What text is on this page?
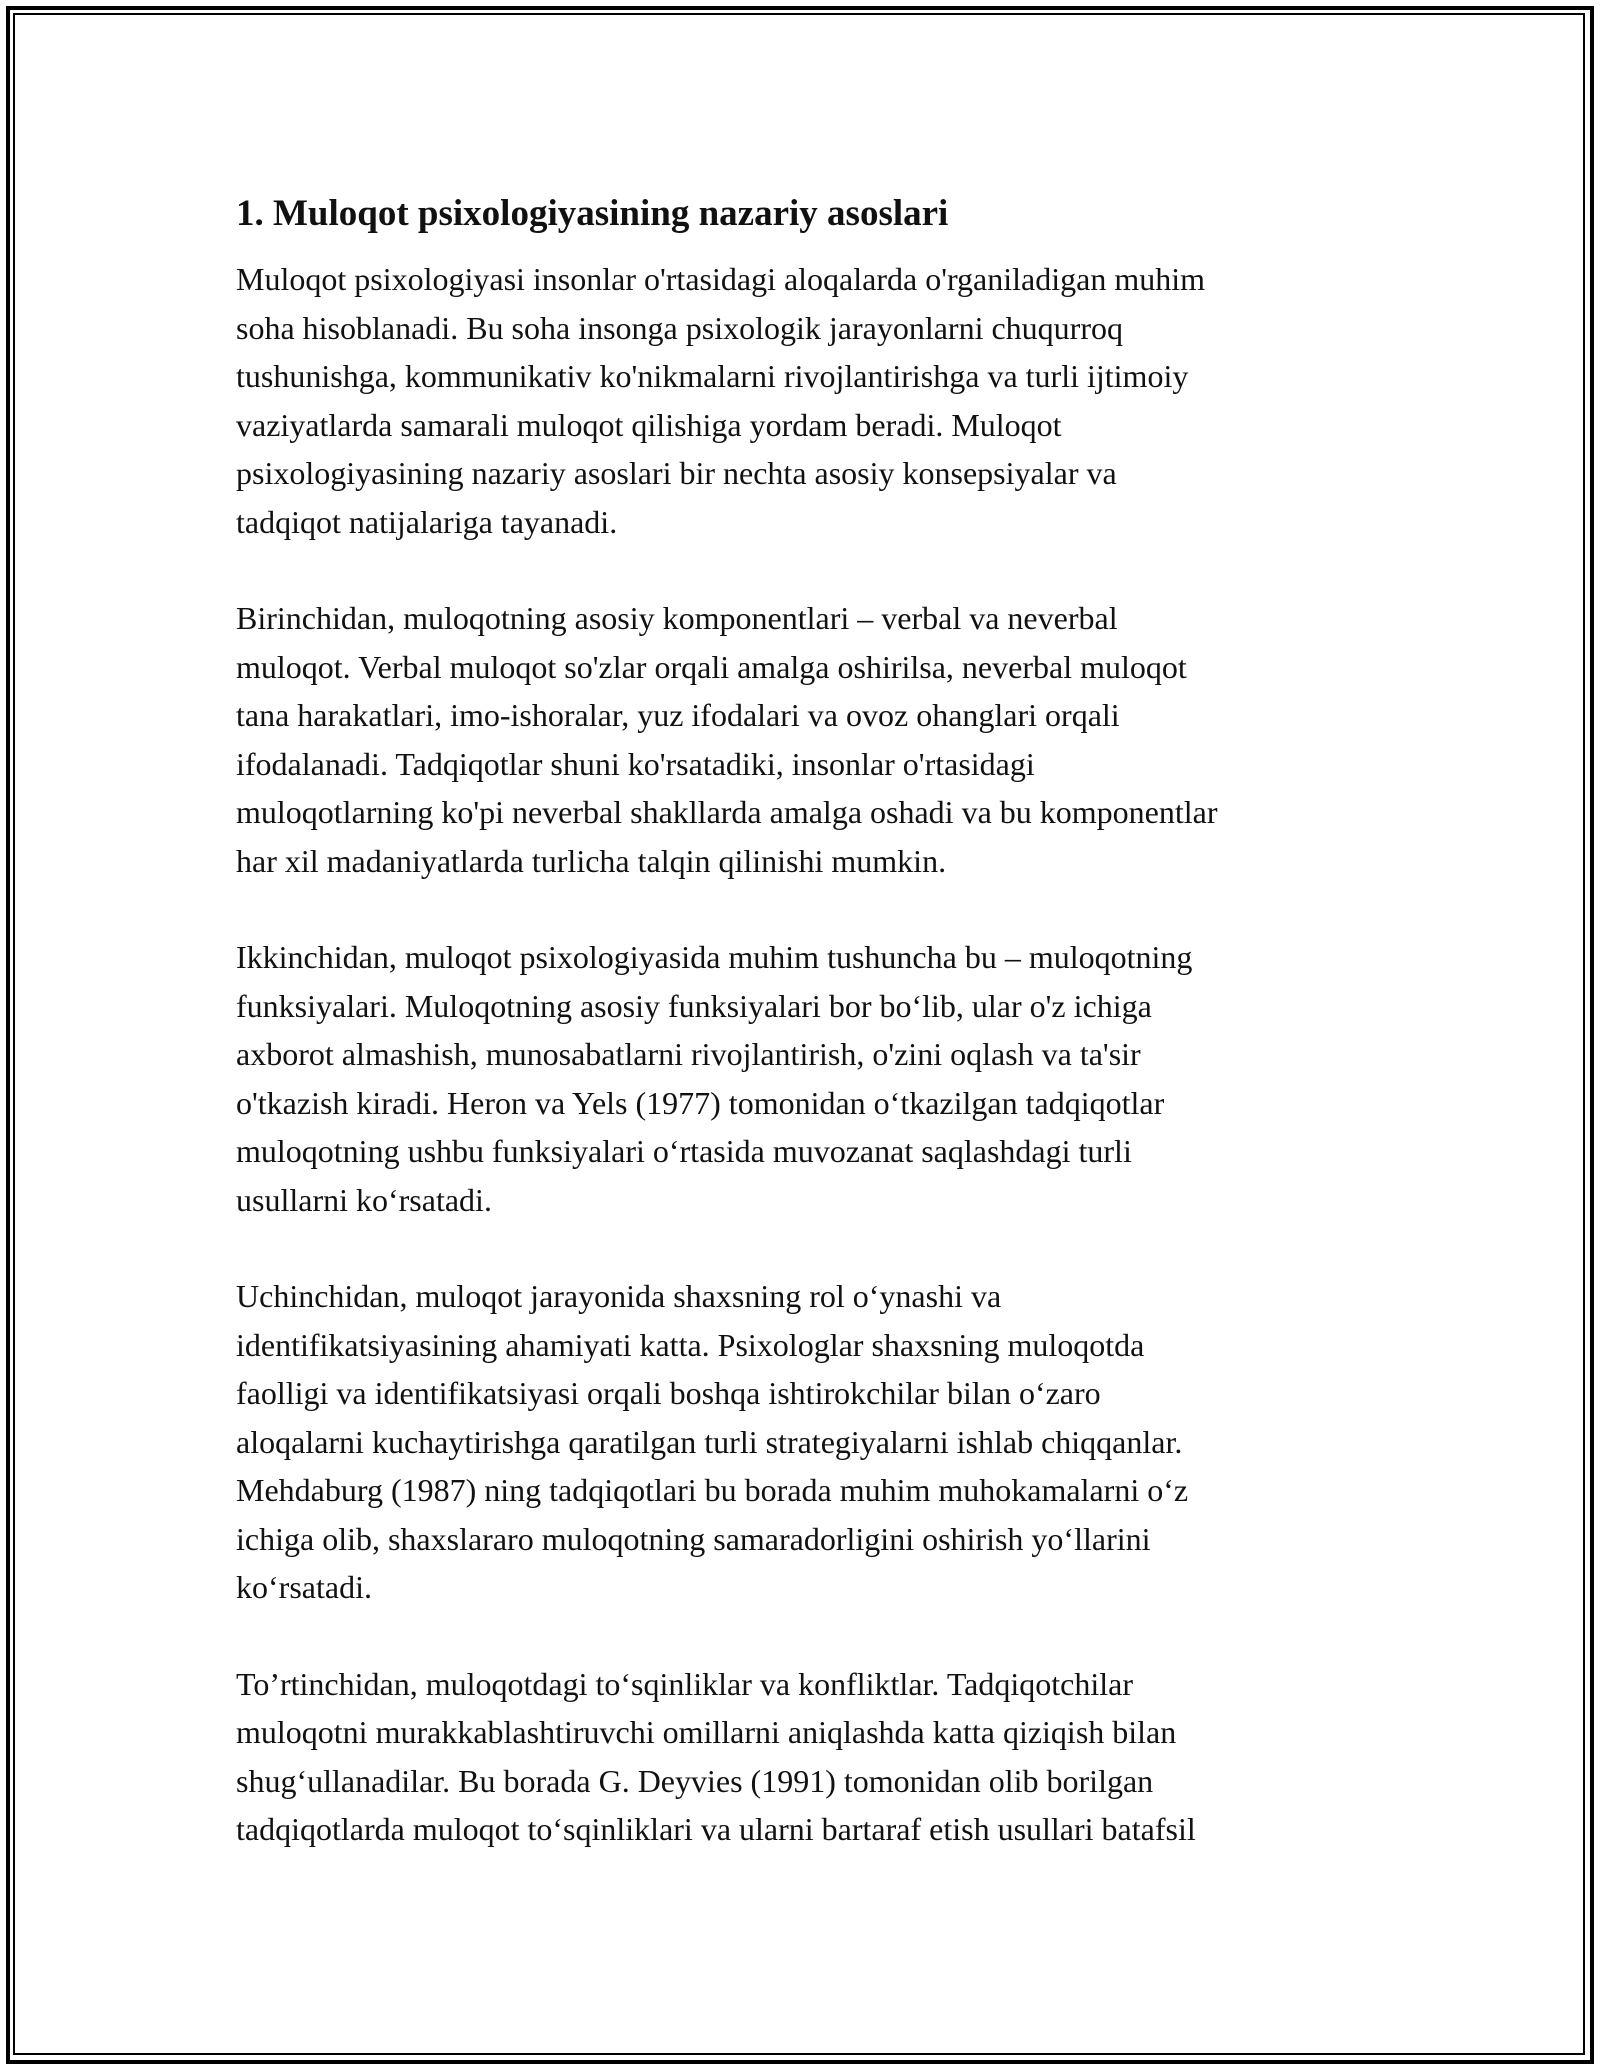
1. Muloqot psixologiyasining nazariy asoslari
Muloqot psixologiyasi insonlar o'rtasidagi aloqalarda o'rganiladigan muhim
soha hisoblanadi. Bu soha insonga psixologik jarayonlarni chuqurroq
tushunishga, kommunikativ ko'nikmalarni rivojlantirishga va turli ijtimoiy
vaziyatlarda samarali muloqot qilishiga yordam beradi. Muloqot
psixologiyasining nazariy asoslari bir nechta asosiy konsepsiyalar va
tadqiqot natijalariga tayanadi.
Birinchidan, muloqotning asosiy komponentlari – verbal va neverbal
muloqot. Verbal muloqot so'zlar orqali amalga oshirilsa, neverbal muloqot
tana harakatlari, imo-ishoralar, yuz ifodalari va ovoz ohanglari orqali
ifodalanadi. Tadqiqotlar shuni ko'rsatadiki, insonlar o'rtasidagi
muloqotlarning ko'pi neverbal shakllarda amalga oshadi va bu komponentlar
har xil madaniyatlarda turlicha talqin qilinishi mumkin.
Ikkinchidan, muloqot psixologiyasida muhim tushuncha bu – muloqotning
funksiyalari. Muloqotning asosiy funksiyalari bor bo‘lib, ular o'z ichiga
axborot almashish, munosabatlarni rivojlantirish, o'zini oqlash va ta'sir
o'tkazish kiradi. Heron va Yels (1977) tomonidan o‘tkazilgan tadqiqotlar
muloqotning ushbu funksiyalari o‘rtasida muvozanat saqlashdagi turli
usullarni ko‘rsatadi.
Uchinchidan, muloqot jarayonida shaxsning rol o‘ynashi va
identifikatsiyasining ahamiyati katta. Psixologlar shaxsning muloqotda
faolligi va identifikatsiyasi orqali boshqa ishtirokchilar bilan o‘zaro
aloqalarni kuchaytirishga qaratilgan turli strategiyalarni ishlab chiqqanlar.
Mehdaburg (1987) ning tadqiqotlari bu borada muhim muhokamalarni o‘z
ichiga olib, shaxslararo muloqotning samaradorligini oshirish yo‘llarini
ko‘rsatadi.
To’rtinchidan, muloqotdagi to‘sqinliklar va konfliktlar. Tadqiqotchilar
muloqotni murakkablashtiruvchi omillarni aniqlashda katta qiziqish bilan
shug‘ullanadilar. Bu borada G. Deyvies (1991) tomonidan olib borilgan
tadqiqotlarda muloqot to‘sqinliklari va ularni bartaraf etish usullari batafsil
